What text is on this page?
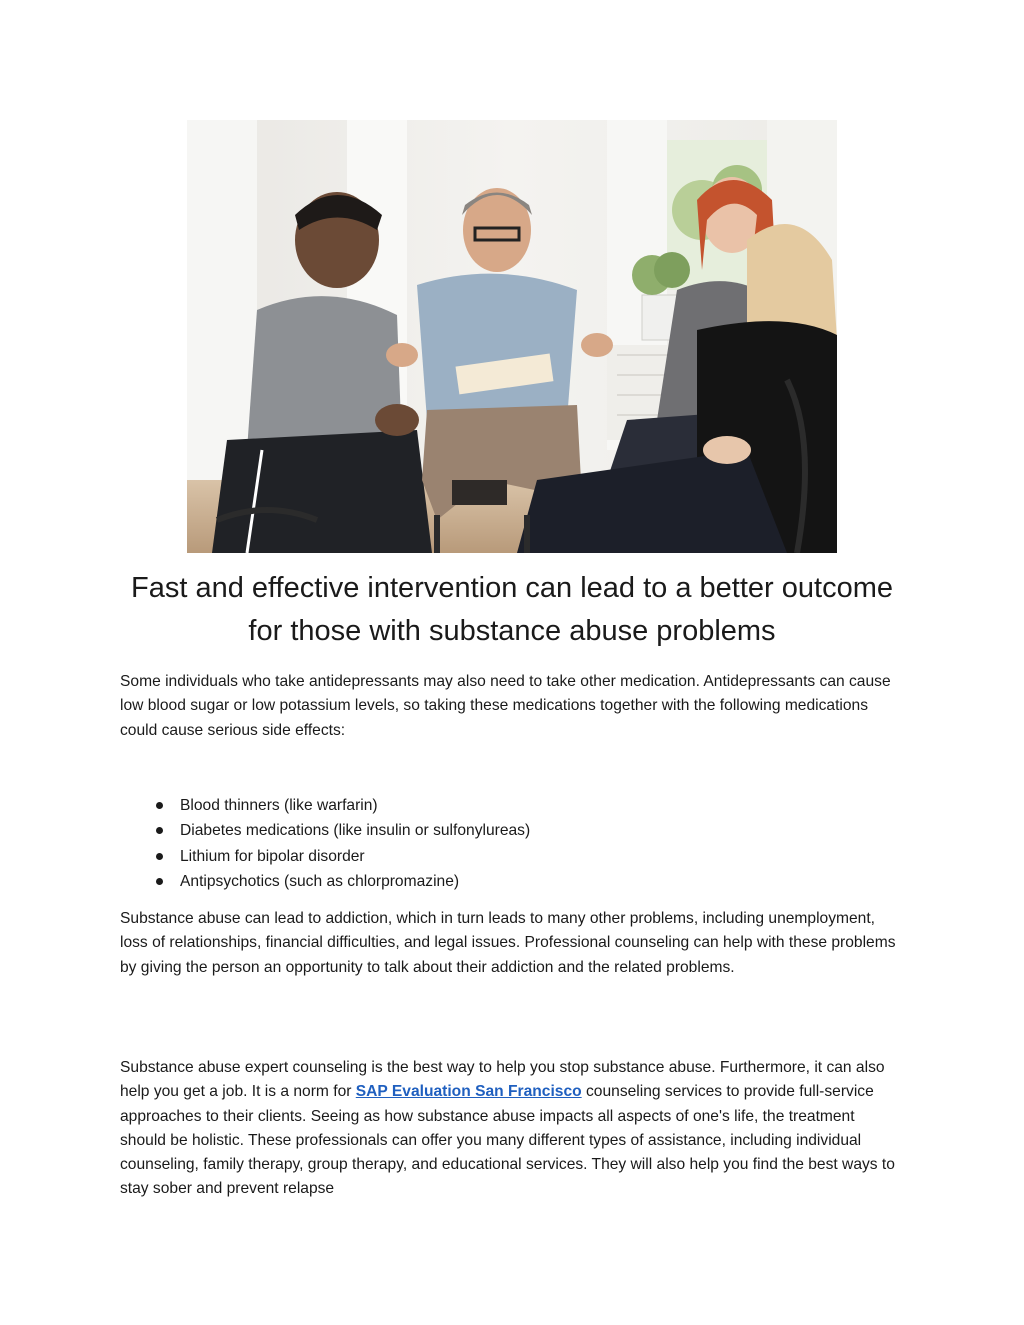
Fast and effective intervention can lead to a better outcome for those with substance abuse problems

Some individuals who take antidepressants may also need to take other medication. Antidepressants can cause low blood sugar or low potassium levels, so taking these medications together with the following medications could cause serious side effects:

Blood thinners (like warfarin)
Diabetes medications (like insulin or sulfonylureas)
Lithium for bipolar disorder
Antipsychotics (such as chlorpromazine)

Substance abuse can lead to addiction, which in turn leads to many other problems, including unemployment, loss of relationships, financial difficulties, and legal issues. Professional counseling can help with these problems by giving the person an opportunity to talk about their addiction and the related problems.

Substance abuse expert counseling is the best way to help you stop substance abuse. Furthermore, it can also help you get a job. It is a norm for SAP Evaluation San Francisco counseling services to provide full-service approaches to their clients. Seeing as how substance abuse impacts all aspects of one's life, the treatment should be holistic. These professionals can offer you many different types of assistance, including individual counseling, family therapy, group therapy, and educational services. They will also help you find the best ways to stay sober and prevent relapse
